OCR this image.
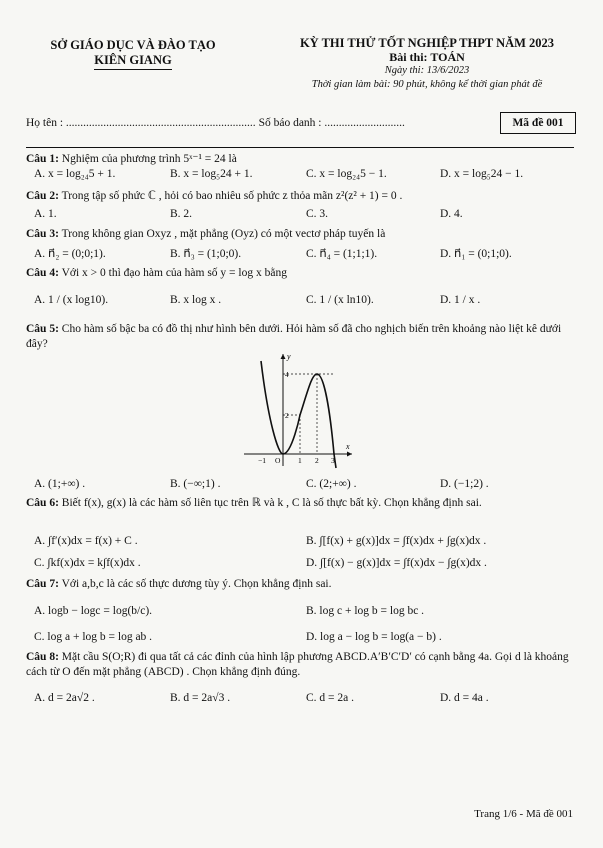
SỞ GIÁO DỤC VÀ ĐÀO TẠO
KIÊN GIANG
KỲ THI THỬ TỐT NGHIỆP THPT NĂM 2023
Bài thi: TOÁN
Ngày thi: 13/6/2023
Thời gian làm bài: 90 phút, không kể thời gian phát đề
Họ tên : .................................................................. Số báo danh : ............................	Mã đề 001
Câu 1: Nghiệm của phương trình 5ˣ⁻¹ = 24 là
A. x = log₂₄5 + 1.	B. x = log₅24 + 1.	C. x = log₂₄5 − 1.	D. x = log₅24 − 1.
Câu 2: Trong tập số phức ℂ , hỏi có bao nhiêu số phức z thỏa mãn z²(z² + 1) = 0 .
A. 1.	B. 2.	C. 3.	D. 4.
Câu 3: Trong không gian Oxyz , mặt phẳng (Oyz) có một vectơ pháp tuyến là
A. n⃗₂ = (0;0;1).	B. n⃗₃ = (1;0;0).	C. n⃗₄ = (1;1;1).	D. n⃗₁ = (0;1;0).
Câu 4: Với x > 0 thì đạo hàm của hàm số y = log x bằng
A. 1 / (x log10).	B. x log x .	C. 1 / (x ln10).	D. 1 / x .
Câu 5: Cho hàm số bậc ba có đồ thị như hình bên dưới. Hỏi hàm số đã cho nghịch biến trên khoảng nào liệt kê dưới đây?
y
x
4
2
−1 O 1 2 3
A. (1;+∞) .	B. (−∞;1) .	C. (2;+∞) .	D. (−1;2) .
Câu 6: Biết f(x), g(x) là các hàm số liên tục trên ℝ và k , C là số thực bất kỳ. Chọn khẳng định sai.
A. ∫f′(x)dx = f(x) + C .	B. ∫[f(x) + g(x)]dx = ∫f(x)dx + ∫g(x)dx .
C. ∫kf(x)dx = k∫f(x)dx .	D. ∫[f(x) − g(x)]dx = ∫f(x)dx − ∫g(x)dx .
Câu 7: Với a,b,c là các số thực dương tùy ý. Chọn khẳng định sai.
A. logb − logc = log(b/c).	B. log c + log b = log bc .
C. log a + log b = log ab .	D. log a − log b = log(a − b) .
Câu 8: Mặt cầu S(O;R) đi qua tất cả các đỉnh của hình lập phương ABCD.A′B′C′D′ có cạnh bằng 4a. Gọi d là khoảng cách từ O đến mặt phẳng (ABCD) . Chọn khẳng định đúng.
A. d = 2a√2 .	B. d = 2a√3 .	C. d = 2a .	D. d = 4a .
Trang 1/6 - Mã đề 001
